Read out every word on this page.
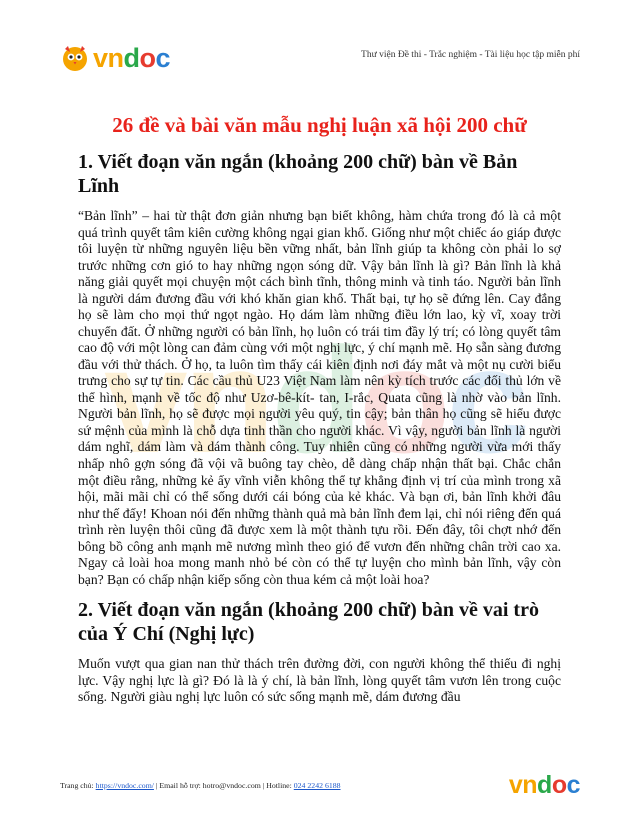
vndoc	Thư viện Đề thi - Trắc nghiệm - Tài liệu học tập miễn phí
vndoc
26 đề và bài văn mẫu nghị luận xã hội 200 chữ
1. Viết đoạn văn ngắn (khoảng 200 chữ) bàn về Bản Lĩnh

“Bản lĩnh” – hai từ thật đơn giản nhưng bạn biết không, hàm chứa trong đó là cả một quá trình quyết tâm kiên cường không ngại gian khổ. Giống như một chiếc áo giáp được tôi luyện từ những nguyên liệu bền vững nhất, bản lĩnh giúp ta không còn phải lo sợ trước những cơn gió to hay những ngọn sóng dữ. Vậy bản lĩnh là gì? Bản lĩnh là khả năng giải quyết mọi chuyện một cách bình tĩnh, thông minh và tinh táo. Người bản lĩnh là người dám đương đầu với khó khăn gian khổ. Thất bại, tự họ sẽ đứng lên. Cay đắng họ sẽ làm cho mọi thứ ngọt ngào. Họ dám làm những điều lớn lao, kỳ vĩ, xoay trời chuyển đất. Ở những người có bản lĩnh, họ luôn có trái tim đầy lý trí; có lòng quyết tâm cao độ với một lòng can đảm cùng với một nghị lực, ý chí mạnh mẽ. Họ sẵn sàng đương đầu với thử thách. Ở họ, ta luôn tìm thấy cái kiên định nơi đáy mắt và một nụ cười biểu trưng cho sự tự tin. Các cầu thủ U23 Việt Nam làm nên kỳ tích trước các đối thủ lớn về thể hình, mạnh về tốc độ như Uzơ-bê-kít- tan, I-rắc, Quata cũng là nhờ vào bản lĩnh. Người bản lĩnh, họ sẽ được mọi người yêu quý, tin cậy; bản thân họ cũng sẽ hiểu được sứ mệnh của mình là chỗ dựa tinh thần cho người khác. Vì vậy, người bản lĩnh là người dám nghĩ, dám làm và dám thành công. Tuy nhiên cũng có những người vừa mới thấy nhấp nhô gợn sóng đã vội vã buông tay chèo, dễ dàng chấp nhận thất bại. Chắc chắn một điều rằng, những kẻ ấy vĩnh viễn không thể tự khẳng định vị trí của mình trong xã hội, mãi mãi chỉ có thể sống dưới cái bóng của kẻ khác. Và bạn ơi, bản lĩnh khởi đâu như thế đấy! Khoan nói đến những thành quả mà bản lĩnh đem lại, chỉ nói riêng đến quá trình rèn luyện thôi cũng đã được xem là một thành tựu rồi. Đến đây, tôi chợt nhớ đến bông bồ công anh mạnh mẽ nương mình theo gió để vươn đến những chân trời cao xa. Ngay cả loài hoa mong manh nhỏ bé còn có thể tự luyện cho mình bản lĩnh, vậy còn bạn? Bạn có chấp nhận kiếp sống còn thua kém cả một loài hoa?

2. Viết đoạn văn ngắn (khoảng 200 chữ) bàn về vai trò của Ý Chí (Nghị lực)

Muốn vượt qua gian nan thử thách trên đường đời, con người không thể thiếu đi nghị lực. Vậy nghị lực là gì? Đó là là ý chí, là bản lĩnh, lòng quyết tâm vươn lên trong cuộc sống. Người giàu nghị lực luôn có sức sống mạnh mẽ, dám đương đầu

Trang chủ: https://vndoc.com/ | Email hỗ trợ: hotro@vndoc.com | Hotline: 024 2242 6188	vndoc
